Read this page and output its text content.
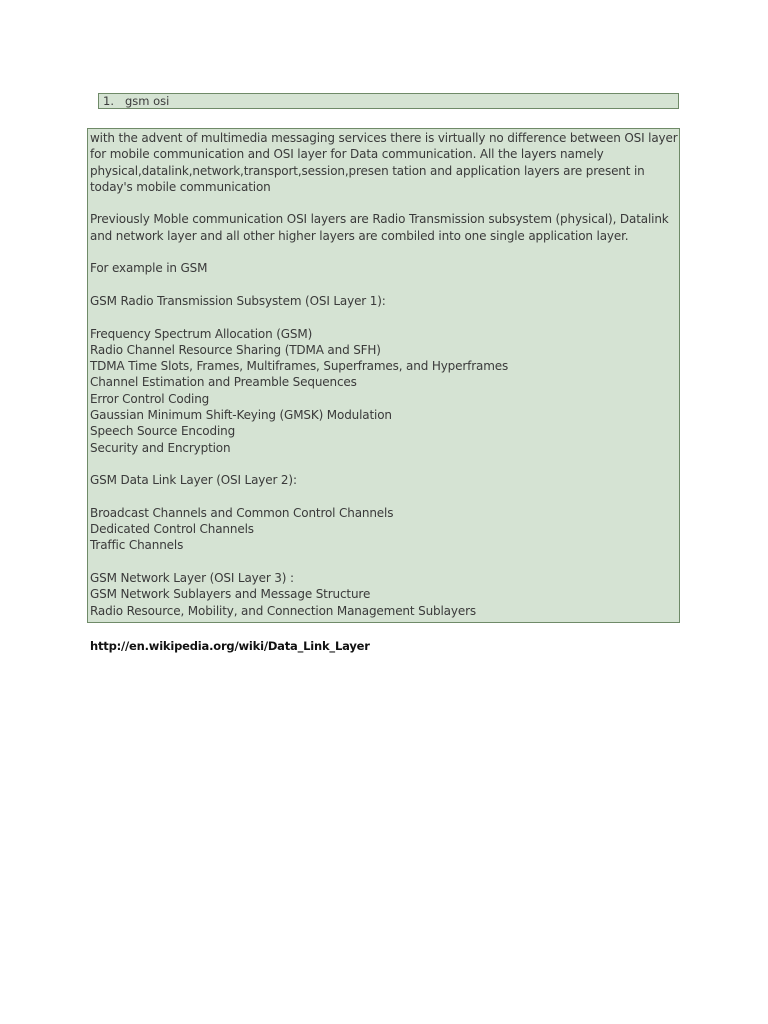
1. gsm osi
with the advent of multimedia messaging services there is virtually no difference between OSI layer
for mobile communication and OSI layer for Data communication. All the layers namely
physical,datalink,network,transport,session,presen tation and application layers are present in
today's mobile communication
Previously Moble communication OSI layers are Radio Transmission subsystem (physical), Datalink
and network layer and all other higher layers are combiled into one single application layer.
For example in GSM
GSM Radio Transmission Subsystem (OSI Layer 1):
Frequency Spectrum Allocation (GSM)
Radio Channel Resource Sharing (TDMA and SFH)
TDMA Time Slots, Frames, Multiframes, Superframes, and Hyperframes
Channel Estimation and Preamble Sequences
Error Control Coding
Gaussian Minimum Shift-Keying (GMSK) Modulation
Speech Source Encoding
Security and Encryption
GSM Data Link Layer (OSI Layer 2):
Broadcast Channels and Common Control Channels
Dedicated Control Channels
Traffic Channels
GSM Network Layer (OSI Layer 3) :
GSM Network Sublayers and Message Structure
Radio Resource, Mobility, and Connection Management Sublayers
http://en.wikipedia.org/wiki/Data_Link_Layer
